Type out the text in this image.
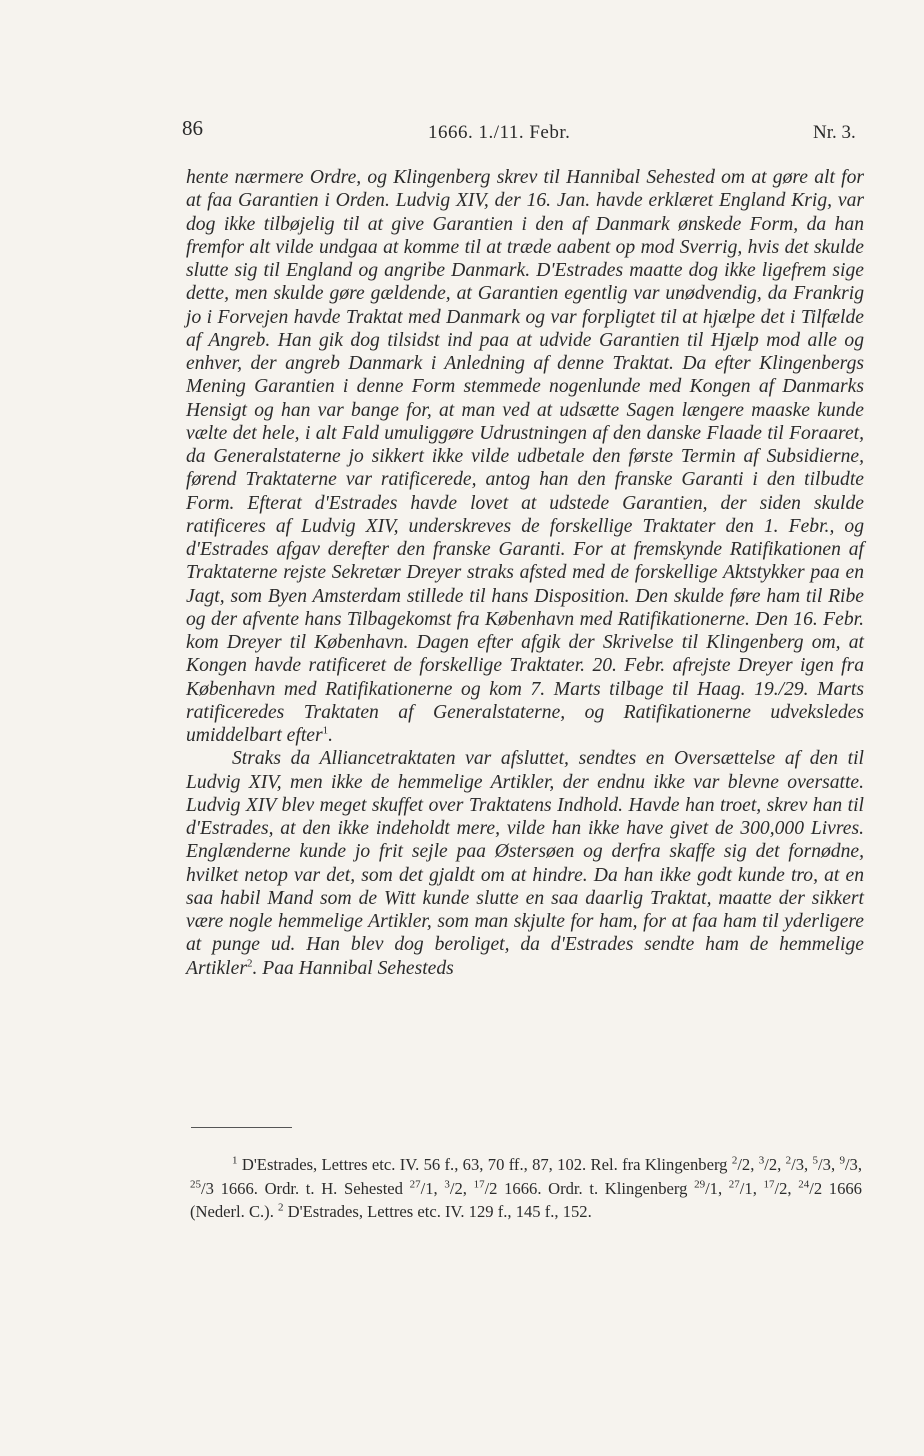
86	1666. 1./11. Febr.	Nr. 3.

hente nærmere Ordre, og Klingenberg skrev til Hannibal Sehested om at gøre alt for at faa Garantien i Orden. Ludvig XIV, der 16. Jan. havde erklæret England Krig, var dog ikke tilbøjelig til at give Garantien i den af Danmark ønskede Form, da han fremfor alt vilde undgaa at komme til at træde aabent op mod Sverrig, hvis det skulde slutte sig til England og angribe Danmark. D'Estrades maatte dog ikke ligefrem sige dette, men skulde gøre gældende, at Garantien egentlig var unødvendig, da Frankrig jo i Forvejen havde Traktat med Danmark og var forpligtet til at hjælpe det i Tilfælde af Angreb. Han gik dog tilsidst ind paa at udvide Garantien til Hjælp mod alle og enhver, der angreb Danmark i Anledning af denne Traktat. Da efter Klingenbergs Mening Garantien i denne Form stemmede nogenlunde med Kongen af Danmarks Hensigt og han var bange for, at man ved at udsætte Sagen længere maaske kunde vælte det hele, i alt Fald umuliggøre Udrustningen af den danske Flaade til Foraaret, da Generalstaterne jo sikkert ikke vilde udbetale den første Termin af Subsidierne, førend Traktaterne var ratificerede, antog han den franske Garanti i den tilbudte Form. Efterat d'Estrades havde lovet at udstede Garantien, der siden skulde ratificeres af Ludvig XIV, underskreves de forskellige Traktater den 1. Febr., og d'Estrades afgav derefter den franske Garanti. For at fremskynde Ratifikationen af Traktaterne rejste Sekretær Dreyer straks afsted med de forskellige Aktstykker paa en Jagt, som Byen Amsterdam stillede til hans Disposition. Den skulde føre ham til Ribe og der afvente hans Tilbagekomst fra København med Ratifikationerne. Den 16. Febr. kom Dreyer til København. Dagen efter afgik der Skrivelse til Klingenberg om, at Kongen havde ratificeret de forskellige Traktater. 20. Febr. afrejste Dreyer igen fra København med Ratifikationerne og kom 7. Marts tilbage til Haag. 19./29. Marts ratificeredes Traktaten af Generalstaterne, og Ratifikationerne udveksledes umiddelbart efter$^1$.

Straks da Alliancetraktaten var afsluttet, sendtes en Oversættelse af den til Ludvig XIV, men ikke de hemmelige Artikler, der endnu ikke var blevne oversatte. Ludvig XIV blev meget skuffet over Traktatens Indhold. Havde han troet, skrev han til d'Estrades, at den ikke indeholdt mere, vilde han ikke have givet de 300,000 Livres. Englænderne kunde jo frit sejle paa Østersøen og derfra skaffe sig det fornødne, hvilket netop var det, som det gjaldt om at hindre. Da han ikke godt kunde tro, at en saa habil Mand som de Witt kunde slutte en saa daarlig Traktat, maatte der sikkert være nogle hemmelige Artikler, som man skjulte for ham, for at faa ham til yderligere at punge ud. Han blev dog beroliget, da d'Estrades sendte ham de hemmelige Artikler$^2$. Paa Hannibal Sehesteds

$^1$ D'Estrades, Lettres etc. IV. 56 f., 63, 70 ff., 87, 102. Rel. fra Klingenberg $^2$/2, $^3$/2, $^2$/3, $^5$/3, $^9$/3, $^{25}$/3 1666. Ordr. t. H. Sehested $^{27}$/1, $^3$/2, $^{17}$/2 1666. Ordr. t. Klingenberg $^{29}$/1, $^{27}$/1, $^{17}$/2, $^{24}$/2 1666 (Nederl. C.). $^2$ D'Estrades, Lettres etc. IV. 129 f., 145 f., 152.
